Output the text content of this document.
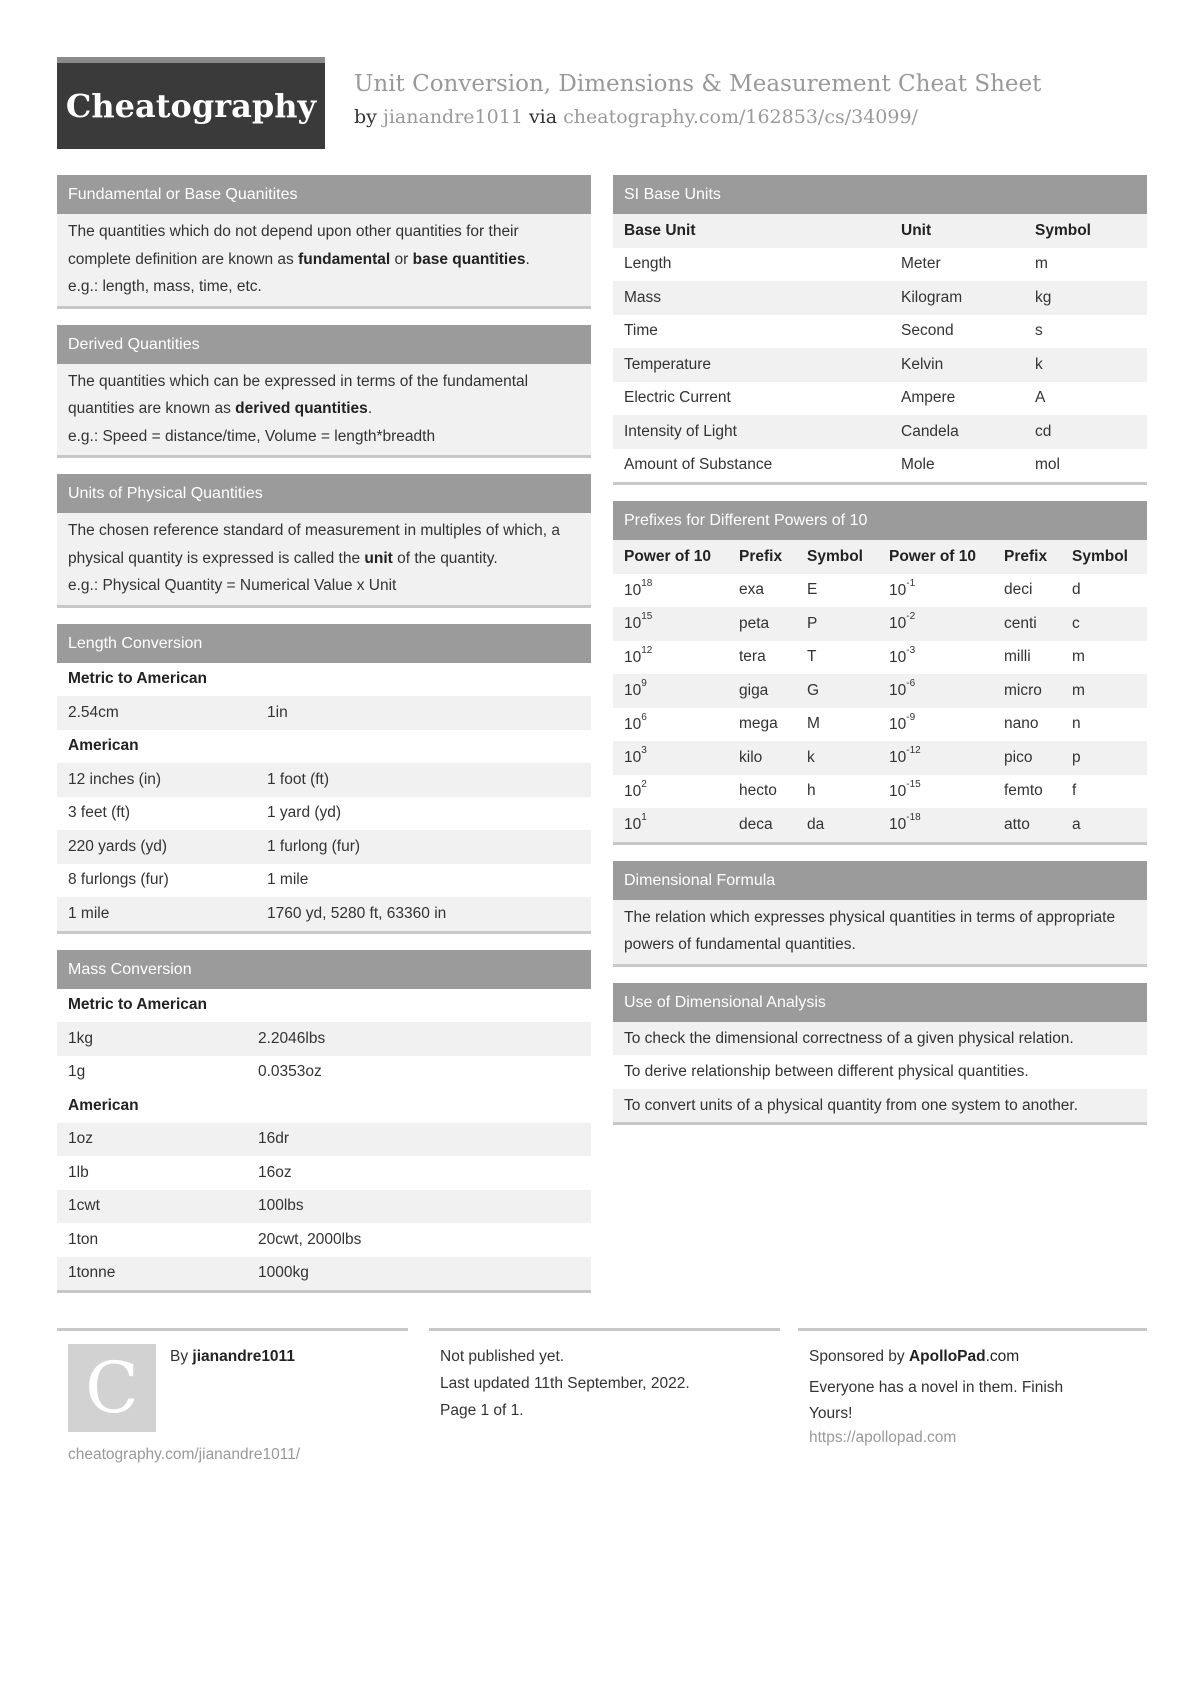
Cheatography
Unit Conversion, Dimensions & Measurement Cheat Sheet
by jianandre1011 via cheatography.com/162853/cs/34099/
Fundamental or Base Quanitites
The quantities which do not depend upon other quantities for their complete definition are known as fundamental or base quantities.
e.g.: length, mass, time, etc.
Derived Quantities
The quantities which can be expressed in terms of the fundamental quantities are known as derived quantities.
e.g.: Speed = distance/time, Volume = length*breadth
Units of Physical Quantities
The chosen reference standard of measurement in multiples of which, a physical quantity is expressed is called the unit of the quantity.
e.g.: Physical Quantity = Numerical Value x Unit
Length Conversion
Metric to American
2.54cm	1in
American
12 inches (in)	1 foot (ft)
3 feet (ft)	1 yard (yd)
220 yards (yd)	1 furlong (fur)
8 furlongs (fur)	1 mile
1 mile	1760 yd, 5280 ft, 63360 in
Mass Conversion
Metric to American
1kg	2.2046lbs
1g	0.0353oz
American
1oz	16dr
1lb	16oz
1cwt	100lbs
1ton	20cwt, 2000lbs
1tonne	1000kg
SI Base Units
Base Unit	Unit	Symbol
Length	Meter	m
Mass	Kilogram	kg
Time	Second	s
Temperature	Kelvin	k
Electric Current	Ampere	A
Intensity of Light	Candela	cd
Amount of Substance	Mole	mol
Prefixes for Different Powers of 10
Power of 10	Prefix	Symbol	Power of 10	Prefix	Symbol
$10^{18}$	exa	E	$10^{-1}$	deci	d
$10^{15}$	peta	P	$10^{-2}$	centi	c
$10^{12}$	tera	T	$10^{-3}$	milli	m
$10^9$	giga	G	$10^{-6}$	micro	m
$10^6$	mega	M	$10^{-9}$	nano	n
$10^3$	kilo	k	$10^{-12}$	pico	p
$10^2$	hecto	h	$10^{-15}$	femto	f
$10^1$	deca	da	$10^{-18}$	atto	a
Dimensional Formula
The relation which expresses physical quantities in terms of appropriate powers of fundamental quantities.
Use of Dimensional Analysis
To check the dimensional correctness of a given physical relation.
To derive relationship between different physical quantities.
To convert units of a physical quantity from one system to another.
C	By jianandre1011
cheatography.com/jianandre1011/
Not published yet.
Last updated 11th September, 2022.
Page 1 of 1.
Sponsored by ApolloPad.com
Everyone has a novel in them. Finish Yours!
https://apollopad.com
